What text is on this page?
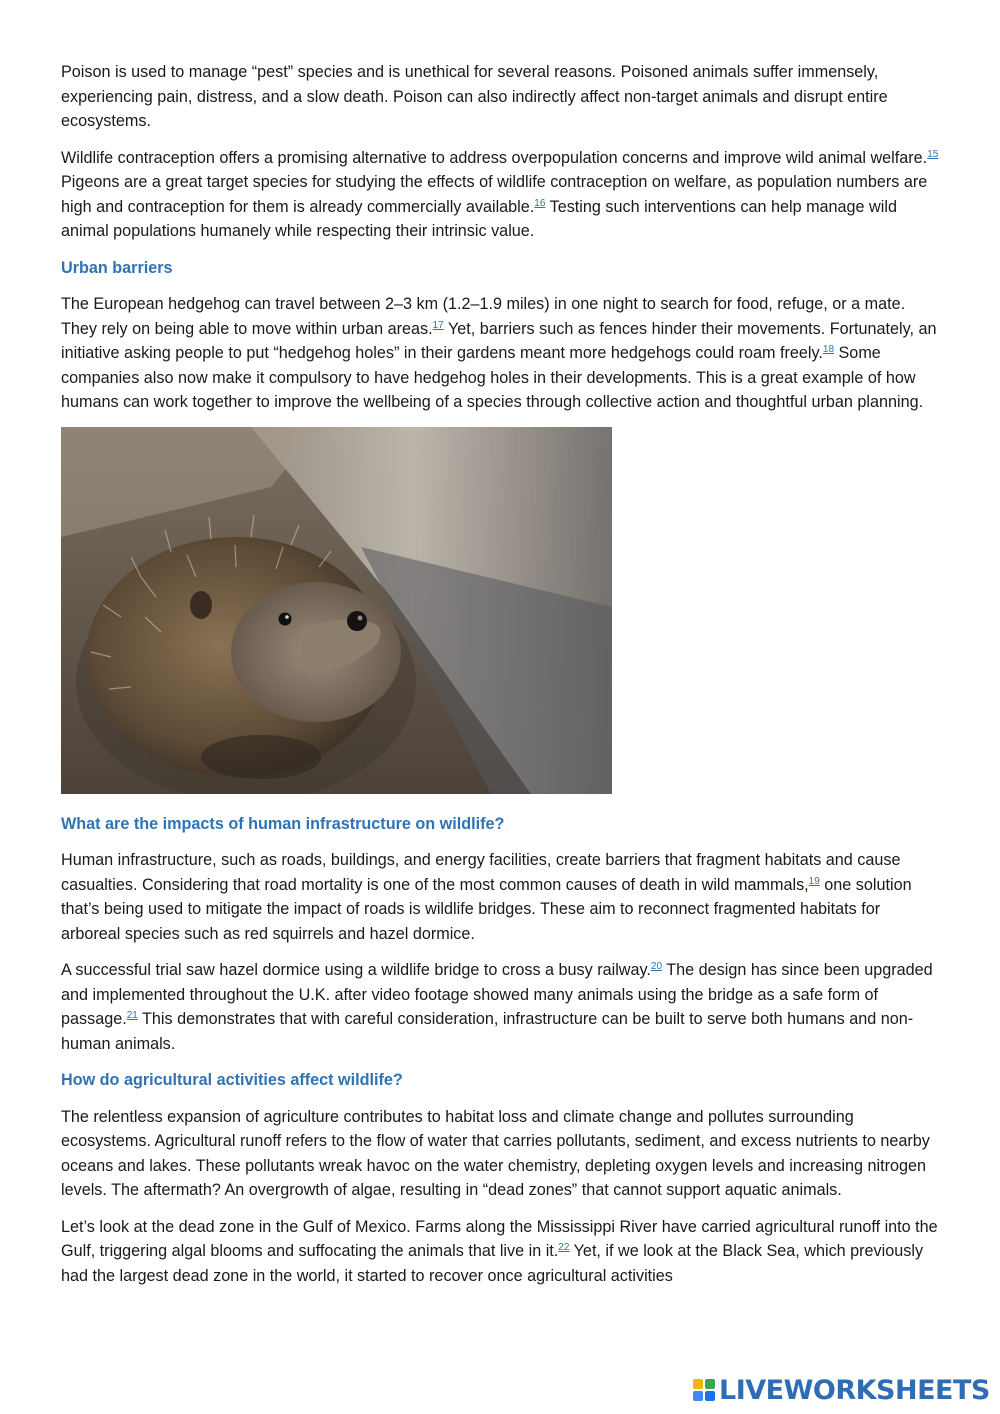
Poison is used to manage “pest” species and is unethical for several reasons. Poisoned animals suffer immensely, experiencing pain, distress, and a slow death. Poison can also indirectly affect non-target animals and disrupt entire ecosystems.

Wildlife contraception offers a promising alternative to address overpopulation concerns and improve wild animal welfare.$^{15}$ Pigeons are a great target species for studying the effects of wildlife contraception on welfare, as population numbers are high and contraception for them is already commercially available.$^{16}$ Testing such interventions can help manage wild animal populations humanely while respecting their intrinsic value.

Urban barriers

The European hedgehog can travel between 2–3 km (1.2–1.9 miles) in one night to search for food, refuge, or a mate. They rely on being able to move within urban areas.$^{17}$ Yet, barriers such as fences hinder their movements. Fortunately, an initiative asking people to put “hedgehog holes” in their gardens meant more hedgehogs could roam freely.$^{18}$ Some companies also now make it compulsory to have hedgehog holes in their developments. This is a great example of how humans can work together to improve the wellbeing of a species through collective action and thoughtful urban planning.

What are the impacts of human infrastructure on wildlife?

Human infrastructure, such as roads, buildings, and energy facilities, create barriers that fragment habitats and cause casualties. Considering that road mortality is one of the most common causes of death in wild mammals,$^{19}$ one solution that’s being used to mitigate the impact of roads is wildlife bridges. These aim to reconnect fragmented habitats for arboreal species such as red squirrels and hazel dormice.

A successful trial saw hazel dormice using a wildlife bridge to cross a busy railway.$^{20}$ The design has since been upgraded and implemented throughout the U.K. after video footage showed many animals using the bridge as a safe form of passage.$^{21}$ This demonstrates that with careful consideration, infrastructure can be built to serve both humans and non-human animals.

How do agricultural activities affect wildlife?

The relentless expansion of agriculture contributes to habitat loss and climate change and pollutes surrounding ecosystems. Agricultural runoff refers to the flow of water that carries pollutants, sediment, and excess nutrients to nearby oceans and lakes. These pollutants wreak havoc on the water chemistry, depleting oxygen levels and increasing nitrogen levels. The aftermath? An overgrowth of algae, resulting in “dead zones” that cannot support aquatic animals.

Let’s look at the dead zone in the Gulf of Mexico. Farms along the Mississippi River have carried agricultural runoff into the Gulf, triggering algal blooms and suffocating the animals that live in it.$^{22}$ Yet, if we look at the Black Sea, which previously had the largest dead zone in the world, it started to recover once agricultural activities

LIVEWORKSHEETS
